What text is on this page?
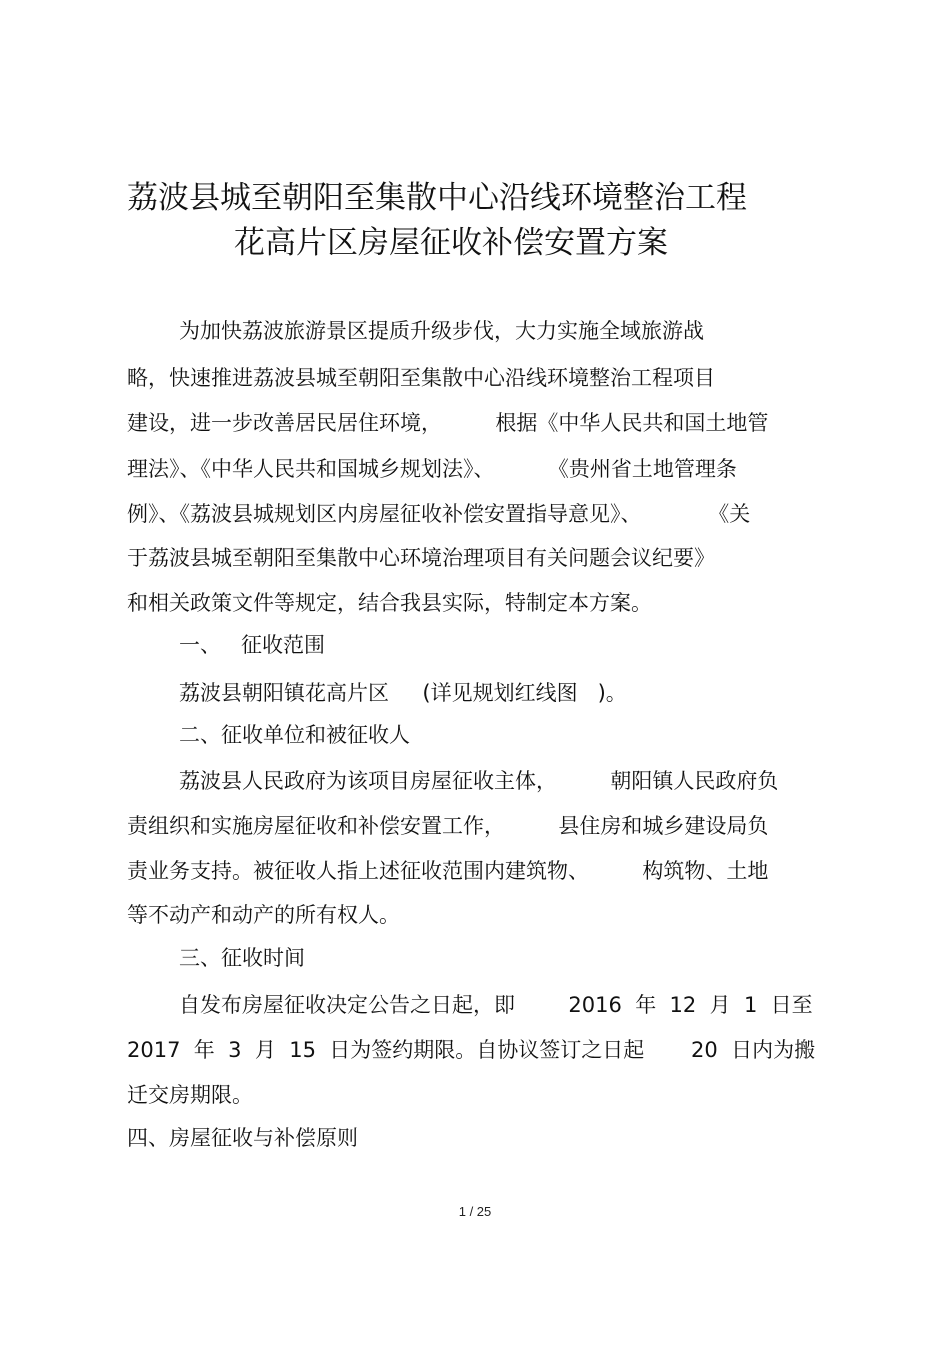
荔波县城至朝阳至集散中心沿线环境整治工程
花高片区房屋征收补偿安置方案

为加快荔波旅游景区提质升级步伐，大力实施全域旅游战

略，快速推进荔波县城至朝阳至集散中心沿线环境整治工程项目

建设，进一步改善居民居住环境，        根据《中华人民共和国土地管

理法》、《中华人民共和国城乡规划法》、        《贵州省土地管理条

例》、《荔波县城规划区内房屋征收补偿安置指导意见》、          《关

于荔波县城至朝阳至集散中心环境治理项目有关问题会议纪要》

和相关政策文件等规定，结合我县实际，特制定本方案。

一、   征收范围

荔波县朝阳镇花高片区     (详见规划红线图   )。

二、征收单位和被征收人

荔波县人民政府为该项目房屋征收主体，        朝阳镇人民政府负

责组织和实施房屋征收和补偿安置工作，        县住房和城乡建设局负

责业务支持。被征收人指上述征收范围内建筑物、        构筑物、土地

等不动产和动产的所有权人。

三、征收时间

自发布房屋征收决定公告之日起，即        2016  年  12  月  1  日至

2017  年  3  月  15  日为签约期限。自协议签订之日起       20  日内为搬

迁交房期限。

四、房屋征收与补偿原则

1 / 25
